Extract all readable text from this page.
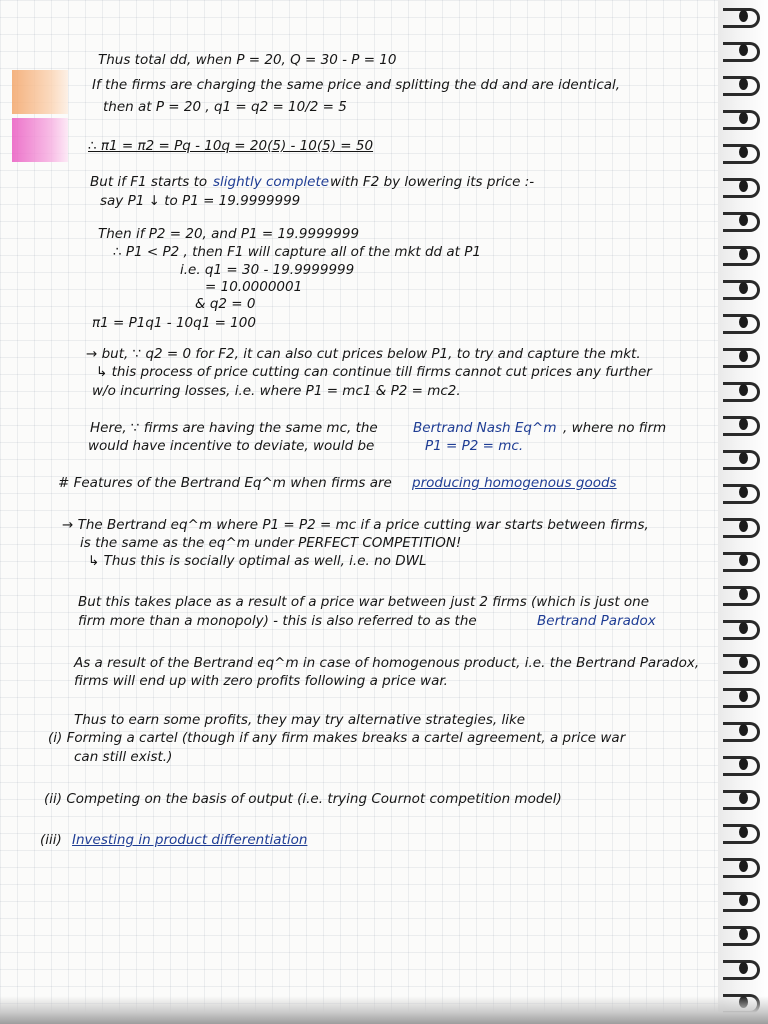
Thus total dd, when P = 20, Q = 30 - P = 10
If the firms are charging the same price and splitting the dd and are identical,
then at P = 20 , q1 = q2 = 10/2 = 5
∴ π1 = π2 = Pq - 10q = 20(5) - 10(5) = 50
But if F1 starts to slightly complete with F2 by lowering its price :-
say P1 ↓ to P1 = 19.9999999
Then if P2 = 20, and P1 = 19.9999999
∴ P1 < P2 , then F1 will capture all of the mkt dd at P1
i.e. q1 = 30 - 19.9999999
= 10.0000001
& q2 = 0
π1 = P1q1 - 10q1 = 100
→ but, ∵ q2 = 0 for F2, it can also cut prices below P1, to try and capture the mkt.
↳ this process of price cutting can continue till firms cannot cut prices any further
w/o incurring losses, i.e. where P1 = mc1 & P2 = mc2.
Here, ∵ firms are having the same mc, the	Bertrand Nash Eq^m , where no firm
would have incentive to deviate, would be	P1 = P2 = mc.
# Features of the Bertrand Eq^m when firms are producing homogenous goods
→ The Bertrand eq^m where P1 = P2 = mc if a price cutting war starts between firms,
is the same as the eq^m under PERFECT COMPETITION!
↳ Thus this is socially optimal as well, i.e. no DWL
But this takes place as a result of a price war between just 2 firms (which is just one
firm more than a monopoly) - this is also referred to as the	Bertrand Paradox
As a result of the Bertrand eq^m in case of homogenous product, i.e. the Bertrand Paradox,
firms will end up with zero profits following a price war.
Thus to earn some profits, they may try alternative strategies, like
(i) Forming a cartel (though if any firm makes breaks a cartel agreement, a price war
can still exist.)
(ii) Competing on the basis of output (i.e. trying Cournot competition model)
(iii) Investing in product differentiation
